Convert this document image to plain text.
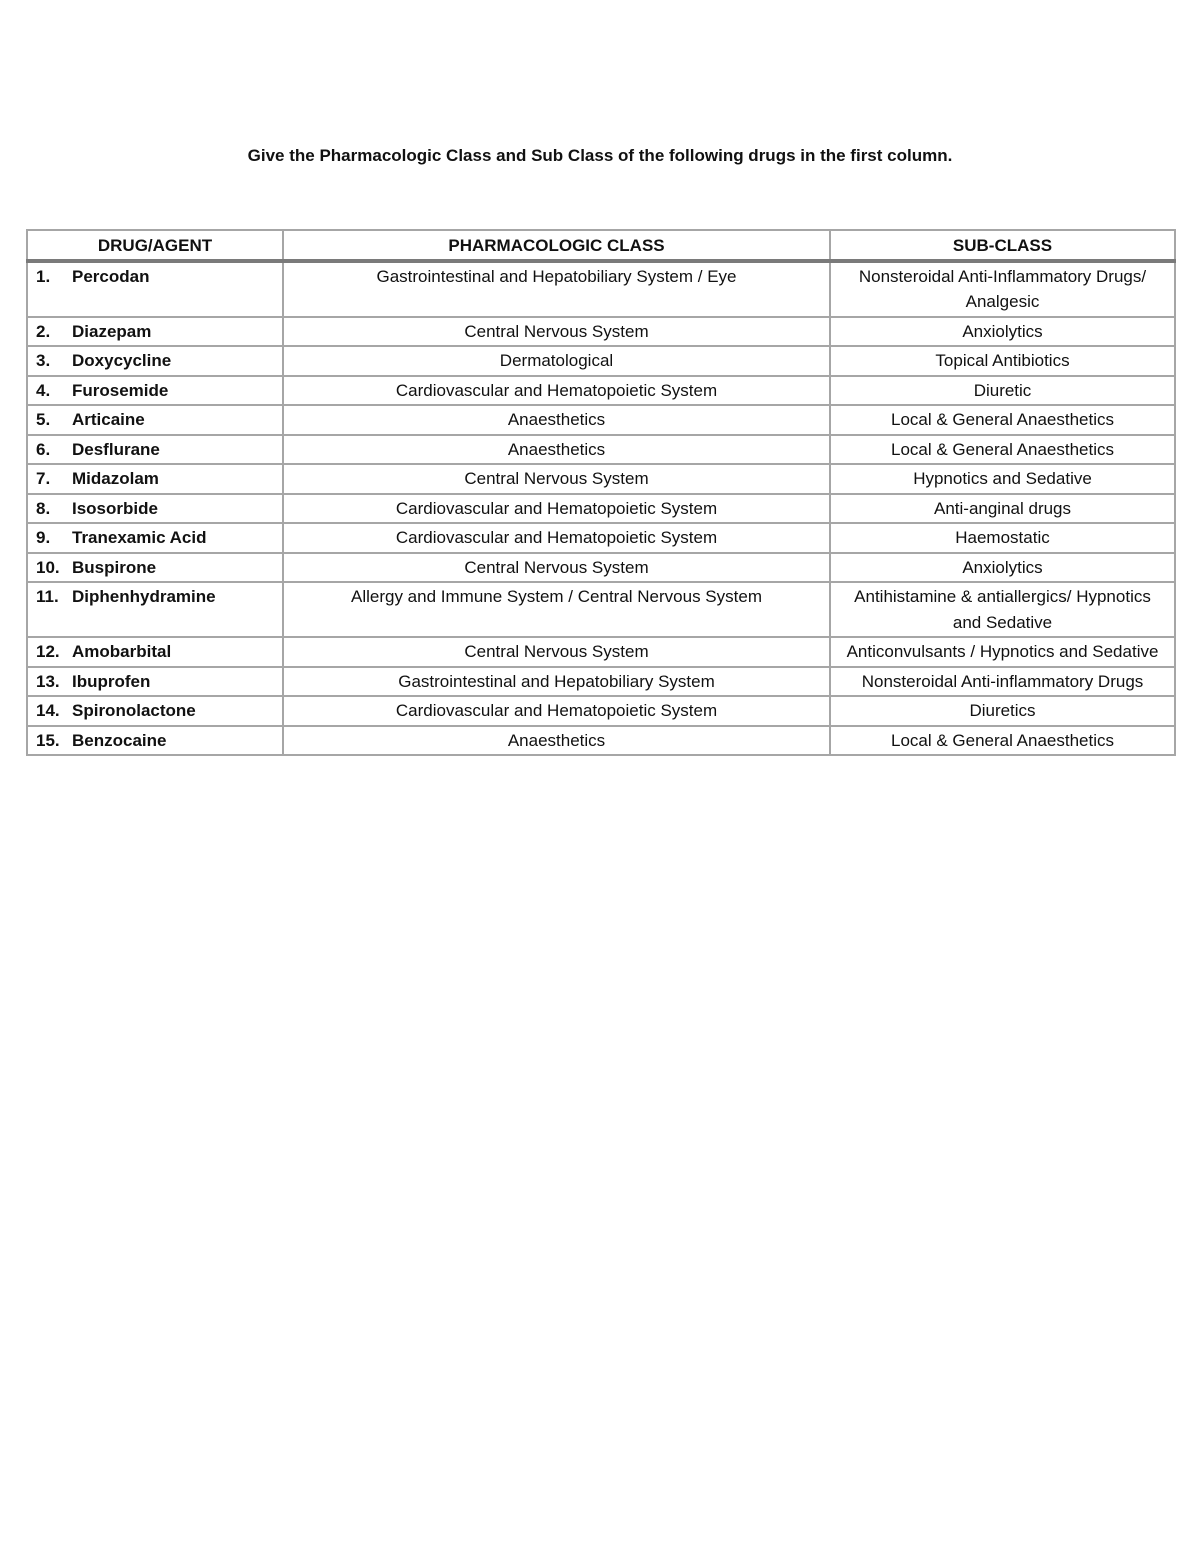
Give the Pharmacologic Class and Sub Class of the following drugs in the first column.
DRUG/AGENT	PHARMACOLOGIC CLASS	SUB-CLASS
1. Percodan	Gastrointestinal and Hepatobiliary System / Eye	Nonsteroidal Anti-Inflammatory Drugs/ Analgesic
2. Diazepam	Central Nervous System	Anxiolytics
3. Doxycycline	Dermatological	Topical Antibiotics
4. Furosemide	Cardiovascular and Hematopoietic System	Diuretic
5. Articaine	Anaesthetics	Local & General Anaesthetics
6. Desflurane	Anaesthetics	Local & General Anaesthetics
7. Midazolam	Central Nervous System	Hypnotics and Sedative
8. Isosorbide	Cardiovascular and Hematopoietic System	Anti-anginal drugs
9. Tranexamic Acid	Cardiovascular and Hematopoietic System	Haemostatic
10. Buspirone	Central Nervous System	Anxiolytics
11. Diphenhydramine	Allergy and Immune System / Central Nervous System	Antihistamine & antiallergics/ Hypnotics and Sedative
12. Amobarbital	Central Nervous System	Anticonvulsants / Hypnotics and Sedative
13. Ibuprofen	Gastrointestinal and Hepatobiliary System	Nonsteroidal Anti-inflammatory Drugs
14. Spironolactone	Cardiovascular and Hematopoietic System	Diuretics
15. Benzocaine	Anaesthetics	Local & General Anaesthetics
